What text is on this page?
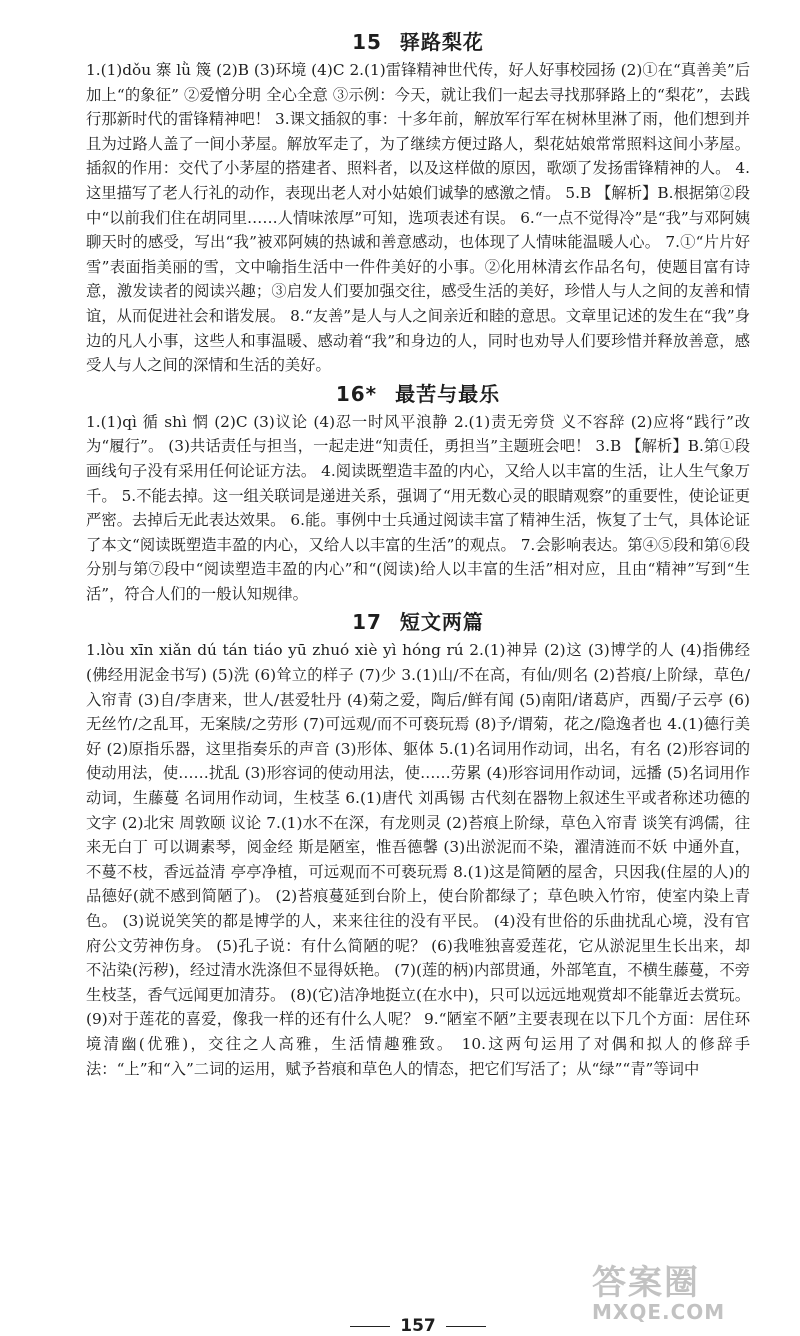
15 驿路梨花

1.(1)dǒu 寨 lǜ 篾 (2)B (3)环境 (4)C 2.(1)雷锋精神世代传，好人好事校园扬 (2)①在“真善美”后加上“的象征” ②爱憎分明 全心全意 ③示例：今天，就让我们一起去寻找那驿路上的“梨花”，去践行那新时代的雷锋精神吧！ 3.课文插叙的事：十多年前，解放军行军在树林里淋了雨，他们想到并且为过路人盖了一间小茅屋。解放军走了，为了继续方便过路人，梨花姑娘常常照料这间小茅屋。插叙的作用：交代了小茅屋的搭建者、照料者，以及这样做的原因，歌颂了发扬雷锋精神的人。 4.这里描写了老人行礼的动作，表现出老人对小姑娘们诚挚的感激之情。 5.B 【解析】B.根据第②段中“以前我们住在胡同里……人情味浓厚”可知，选项表述有误。 6.“一点不觉得冷”是“我”与邓阿姨聊天时的感受，写出“我”被邓阿姨的热诚和善意感动，也体现了人情味能温暖人心。 7.①“片片好雪”表面指美丽的雪，文中喻指生活中一件件美好的小事。②化用林清玄作品名句，使题目富有诗意，激发读者的阅读兴趣；③启发人们要加强交往，感受生活的美好，珍惜人与人之间的友善和情谊，从而促进社会和谐发展。 8.“友善”是人与人之间亲近和睦的意思。文章里记述的发生在“我”身边的凡人小事，这些人和事温暖、感动着“我”和身边的人，同时也劝导人们要珍惜并释放善意，感受人与人之间的深情和生活的美好。

16* 最苦与最乐

1.(1)qì 循 shì 惘 (2)C (3)议论 (4)忍一时风平浪静 2.(1)责无旁贷 义不容辞 (2)应将“践行”改为“履行”。 (3)共话责任与担当，一起走进“知责任，勇担当”主题班会吧！ 3.B 【解析】B.第①段画线句子没有采用任何论证方法。 4.阅读既塑造丰盈的内心，又给人以丰富的生活，让人生气象万千。 5.不能去掉。这一组关联词是递进关系，强调了“用无数心灵的眼睛观察”的重要性，使论证更严密。去掉后无此表达效果。 6.能。事例中士兵通过阅读丰富了精神生活，恢复了士气，具体论证了本文“阅读既塑造丰盈的内心，又给人以丰富的生活”的观点。 7.会影响表达。第④⑤段和第⑥段分别与第⑦段中“阅读塑造丰盈的内心”和“(阅读)给人以丰富的生活”相对应，且由“精神”写到“生活”，符合人们的一般认知规律。

17 短文两篇

1.lòu xīn xiǎn dú tán tiáo yū zhuó xiè yì hóng rú 2.(1)神异 (2)这 (3)博学的人 (4)指佛经(佛经用泥金书写) (5)洗 (6)耸立的样子 (7)少 3.(1)山/不在高，有仙/则名 (2)苔痕/上阶绿，草色/入帘青 (3)自/李唐来，世人/甚爱牡丹 (4)菊之爱，陶后/鲜有闻 (5)南阳/诸葛庐，西蜀/子云亭 (6)无丝竹/之乱耳，无案牍/之劳形 (7)可远观/而不可亵玩焉 (8)予/谓菊，花之/隐逸者也 4.(1)德行美好 (2)原指乐器，这里指奏乐的声音 (3)形体、躯体 5.(1)名词用作动词，出名，有名 (2)形容词的使动用法，使……扰乱 (3)形容词的使动用法，使……劳累 (4)形容词用作动词，远播 (5)名词用作动词，生藤蔓 名词用作动词，生枝茎 6.(1)唐代 刘禹锡 古代刻在器物上叙述生平或者称述功德的文字 (2)北宋 周敦颐 议论 7.(1)水不在深，有龙则灵 (2)苔痕上阶绿，草色入帘青 谈笑有鸿儒，往来无白丁 可以调素琴，阅金经 斯是陋室，惟吾德馨 (3)出淤泥而不染，濯清涟而不妖 中通外直，不蔓不枝，香远益清 亭亭净植，可远观而不可亵玩焉 8.(1)这是简陋的屋舍，只因我(住屋的人)的品德好(就不感到简陋了)。 (2)苔痕蔓延到台阶上，使台阶都绿了；草色映入竹帘，使室内染上青色。 (3)说说笑笑的都是博学的人，来来往往的没有平民。 (4)没有世俗的乐曲扰乱心境，没有官府公文劳神伤身。 (5)孔子说：有什么简陋的呢？ (6)我唯独喜爱莲花，它从淤泥里生长出来，却不沾染(污秽)，经过清水洗涤但不显得妖艳。 (7)(莲的柄)内部贯通，外部笔直，不横生藤蔓，不旁生枝茎，香气远闻更加清芬。 (8)(它)洁净地挺立(在水中)，只可以远远地观赏却不能靠近去赏玩。 (9)对于莲花的喜爱，像我一样的还有什么人呢？ 9.“陋室不陋”主要表现在以下几个方面：居住环境清幽(优雅)，交往之人高雅，生活情趣雅致。 10.这两句运用了对偶和拟人的修辞手法：“上”和“入”二词的运用，赋予苔痕和草色人的情态，把它们写活了；从“绿”“青”等词中

157
答案圈
MXQE.COM
